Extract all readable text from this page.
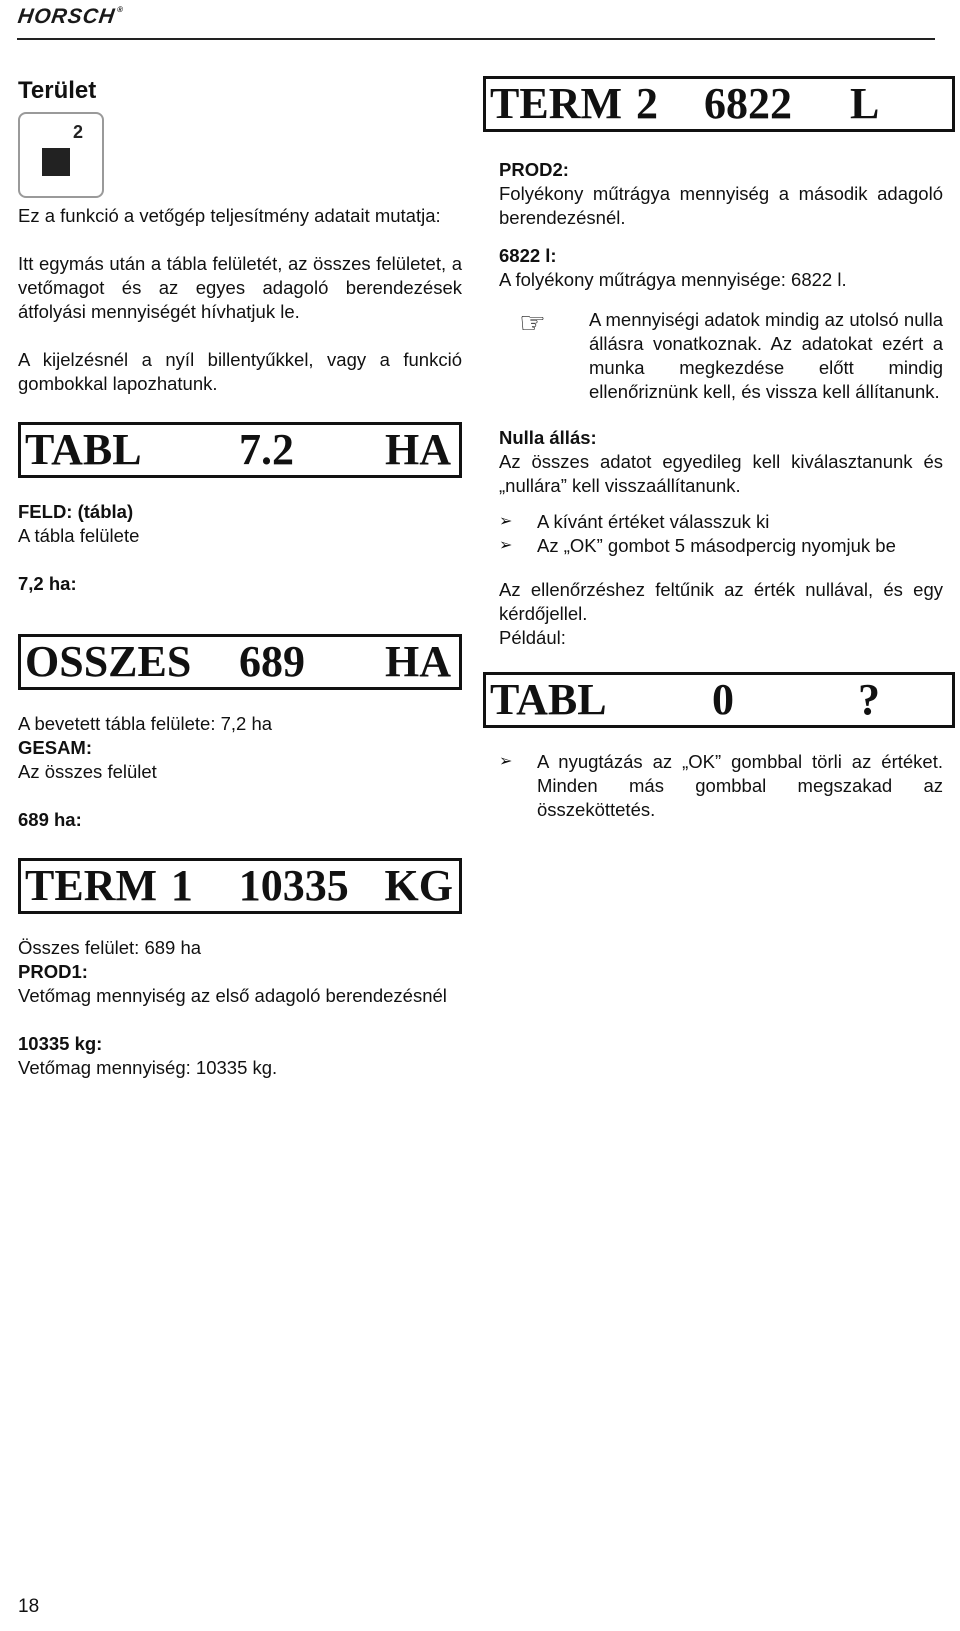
HORSCH®
Terület
2

Ez a funkció a vetőgép teljesítmény adatait mutatja:

Itt egymás után a tábla felületét, az összes felületet, a vetőmagot és az egyes adagoló berendezések átfolyási mennyiségét hívhatjuk le.

A kijelzésnél a nyíl billentyűkkel, vagy a funkció gombokkal lapozhatunk.

TABL	7.2	HA

FELD: (tábla)
A tábla felülete

7,2 ha:

OSSZES	689	HA

A bevetett tábla felülete: 7,2 ha
GESAM:
Az összes felület

689 ha:

TERM 1	10335 KG

Összes felület: 689 ha
PROD1:
Vetőmag mennyiség az első adagoló berendezésnél

10335 kg:
Vetőmag mennyiség: 10335 kg.

TERM 2	6822	L

PROD2:
Folyékony műtrágya mennyiség a második adagoló berendezésnél.

6822 l:
A folyékony műtrágya mennyisége: 6822 l.

☞	A mennyiségi adatok mindig az utolsó nulla állásra vonatkoznak. Az adatokat ezért a munka megkezdése előtt mindig ellenőriznünk kell, és vissza kell állítanunk.

Nulla állás:
Az összes adatot egyedileg kell kiválasztanunk és „nullára” kell visszaállítanunk.

➢	A kívánt értéket válasszuk ki
➢	Az „OK” gombot 5 másodpercig nyomjuk be

Az ellenőrzéshez feltűnik az érték nullával, és egy kérdőjellel.
Például:

TABL	0	?
➢	A nyugtázás az „OK” gombbal törli az értéket. Minden más gombbal megszakad az összeköttetés.
18
